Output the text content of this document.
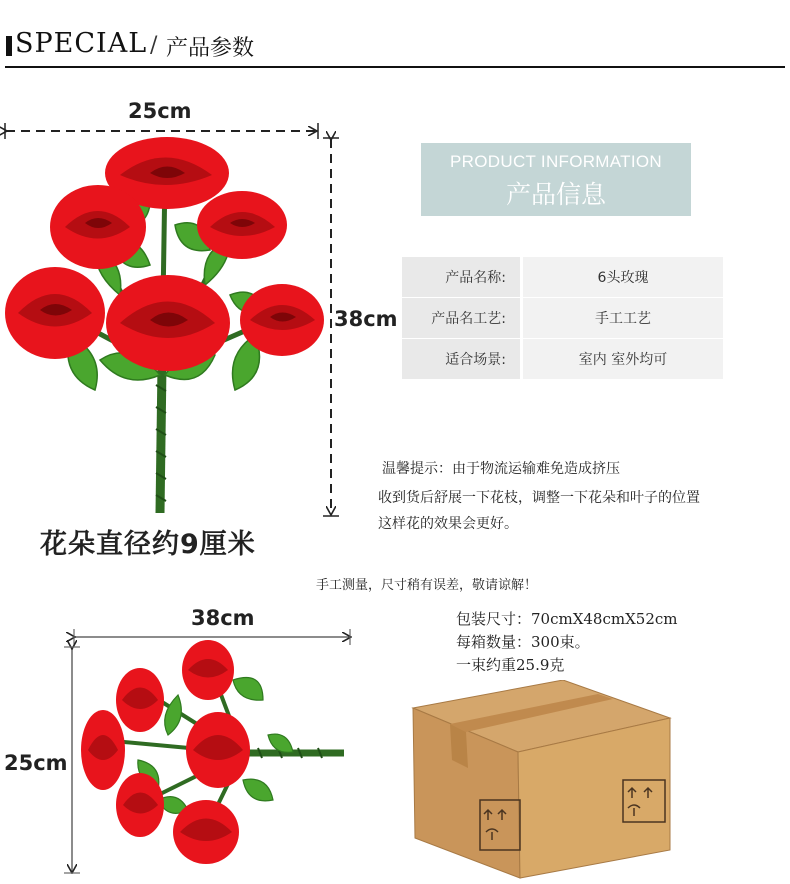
SPECIAL / 产品参数
25cm
38cm
花朵直径约9厘米
PRODUCT INFORMATION
产品信息
产品名称:	6头玫瑰
产品名工艺:	手工工艺
适合场景:	室内 室外均可
温馨提示：由于物流运输难免造成挤压
收到货后舒展一下花枝，调整一下花朵和叶子的位置
这样花的效果会更好。
手工测量，尺寸稍有误差，敬请谅解！
38cm
25cm
包装尺寸：70cmX48cmX52cm
每箱数量：300束。
一束约重25.9克
